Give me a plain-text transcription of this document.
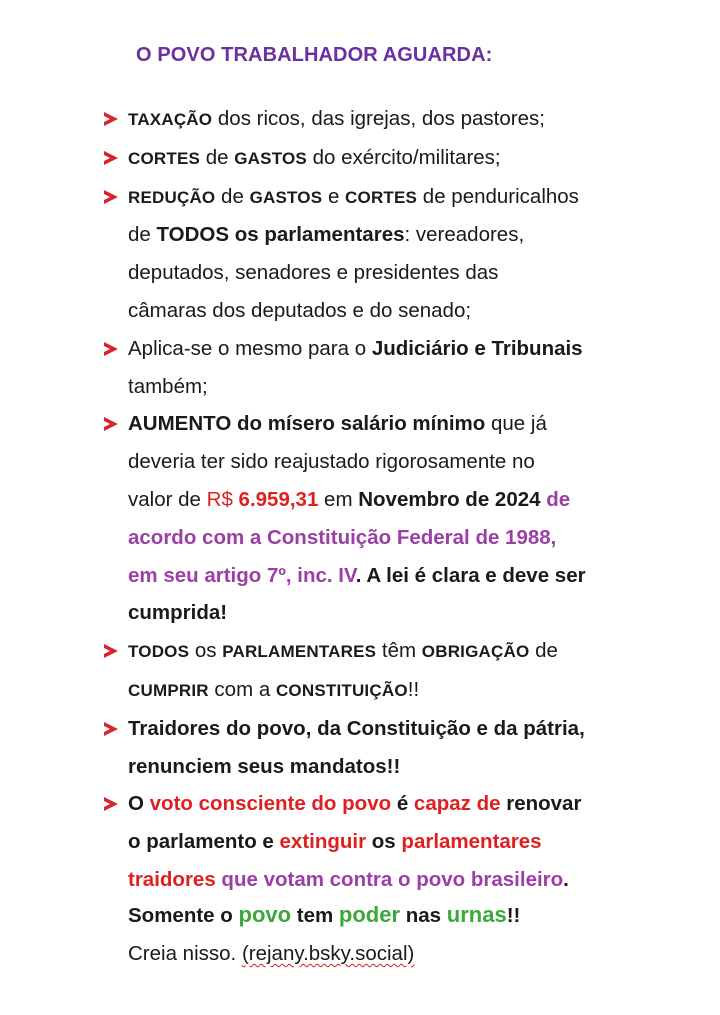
O POVO TRABALHADOR AGUARDA:
TAXAÇÃO dos ricos, das igrejas, dos pastores;
CORTES de GASTOS do exército/militares;
REDUÇÃO de GASTOS e CORTES de penduricalhos
de TODOS os parlamentares: vereadores,
deputados, senadores e presidentes das
câmaras dos deputados e do senado;
Aplica-se o mesmo para o Judiciário e Tribunais
também;
AUMENTO do mísero salário mínimo que já
deveria ter sido reajustado rigorosamente no
valor de R$ 6.959,31 em Novembro de 2024 de
acordo com a Constituição Federal de 1988,
em seu artigo 7º, inc. IV. A lei é clara e deve ser
cumprida!
TODOS os PARLAMENTARES têm OBRIGAÇÃO de
CUMPRIR com a CONSTITUIÇÃO!!
Traidores do povo, da Constituição e da pátria,
renunciem seus mandatos!!
O voto consciente do povo é capaz de renovar
o parlamento e extinguir os parlamentares
traidores que votam contra o povo brasileiro.
Somente o povo tem poder nas urnas!!
Creia nisso. (rejany.bsky.social)
